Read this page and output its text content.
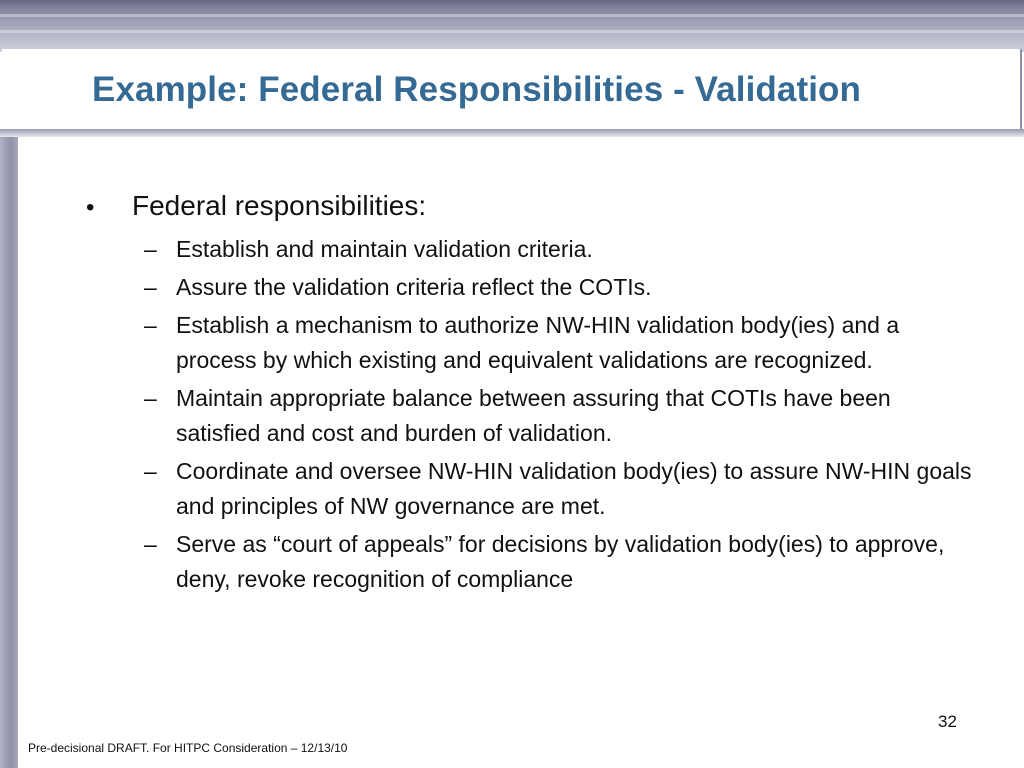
Example: Federal Responsibilities - Validation
•	Federal responsibilities:
– Establish and maintain validation criteria.
– Assure the validation criteria reflect the COTIs.
– Establish a mechanism to authorize NW-HIN validation body(ies) and a process by which existing and equivalent validations are recognized.
– Maintain appropriate balance between assuring that COTIs have been satisfied and cost and burden of validation.
– Coordinate and oversee NW-HIN validation body(ies) to assure NW-HIN goals and principles of NW governance are met.
– Serve as “court of appeals” for decisions by validation body(ies) to approve, deny, revoke recognition of compliance
32
Pre-decisional DRAFT. For HITPC Consideration – 12/13/10
